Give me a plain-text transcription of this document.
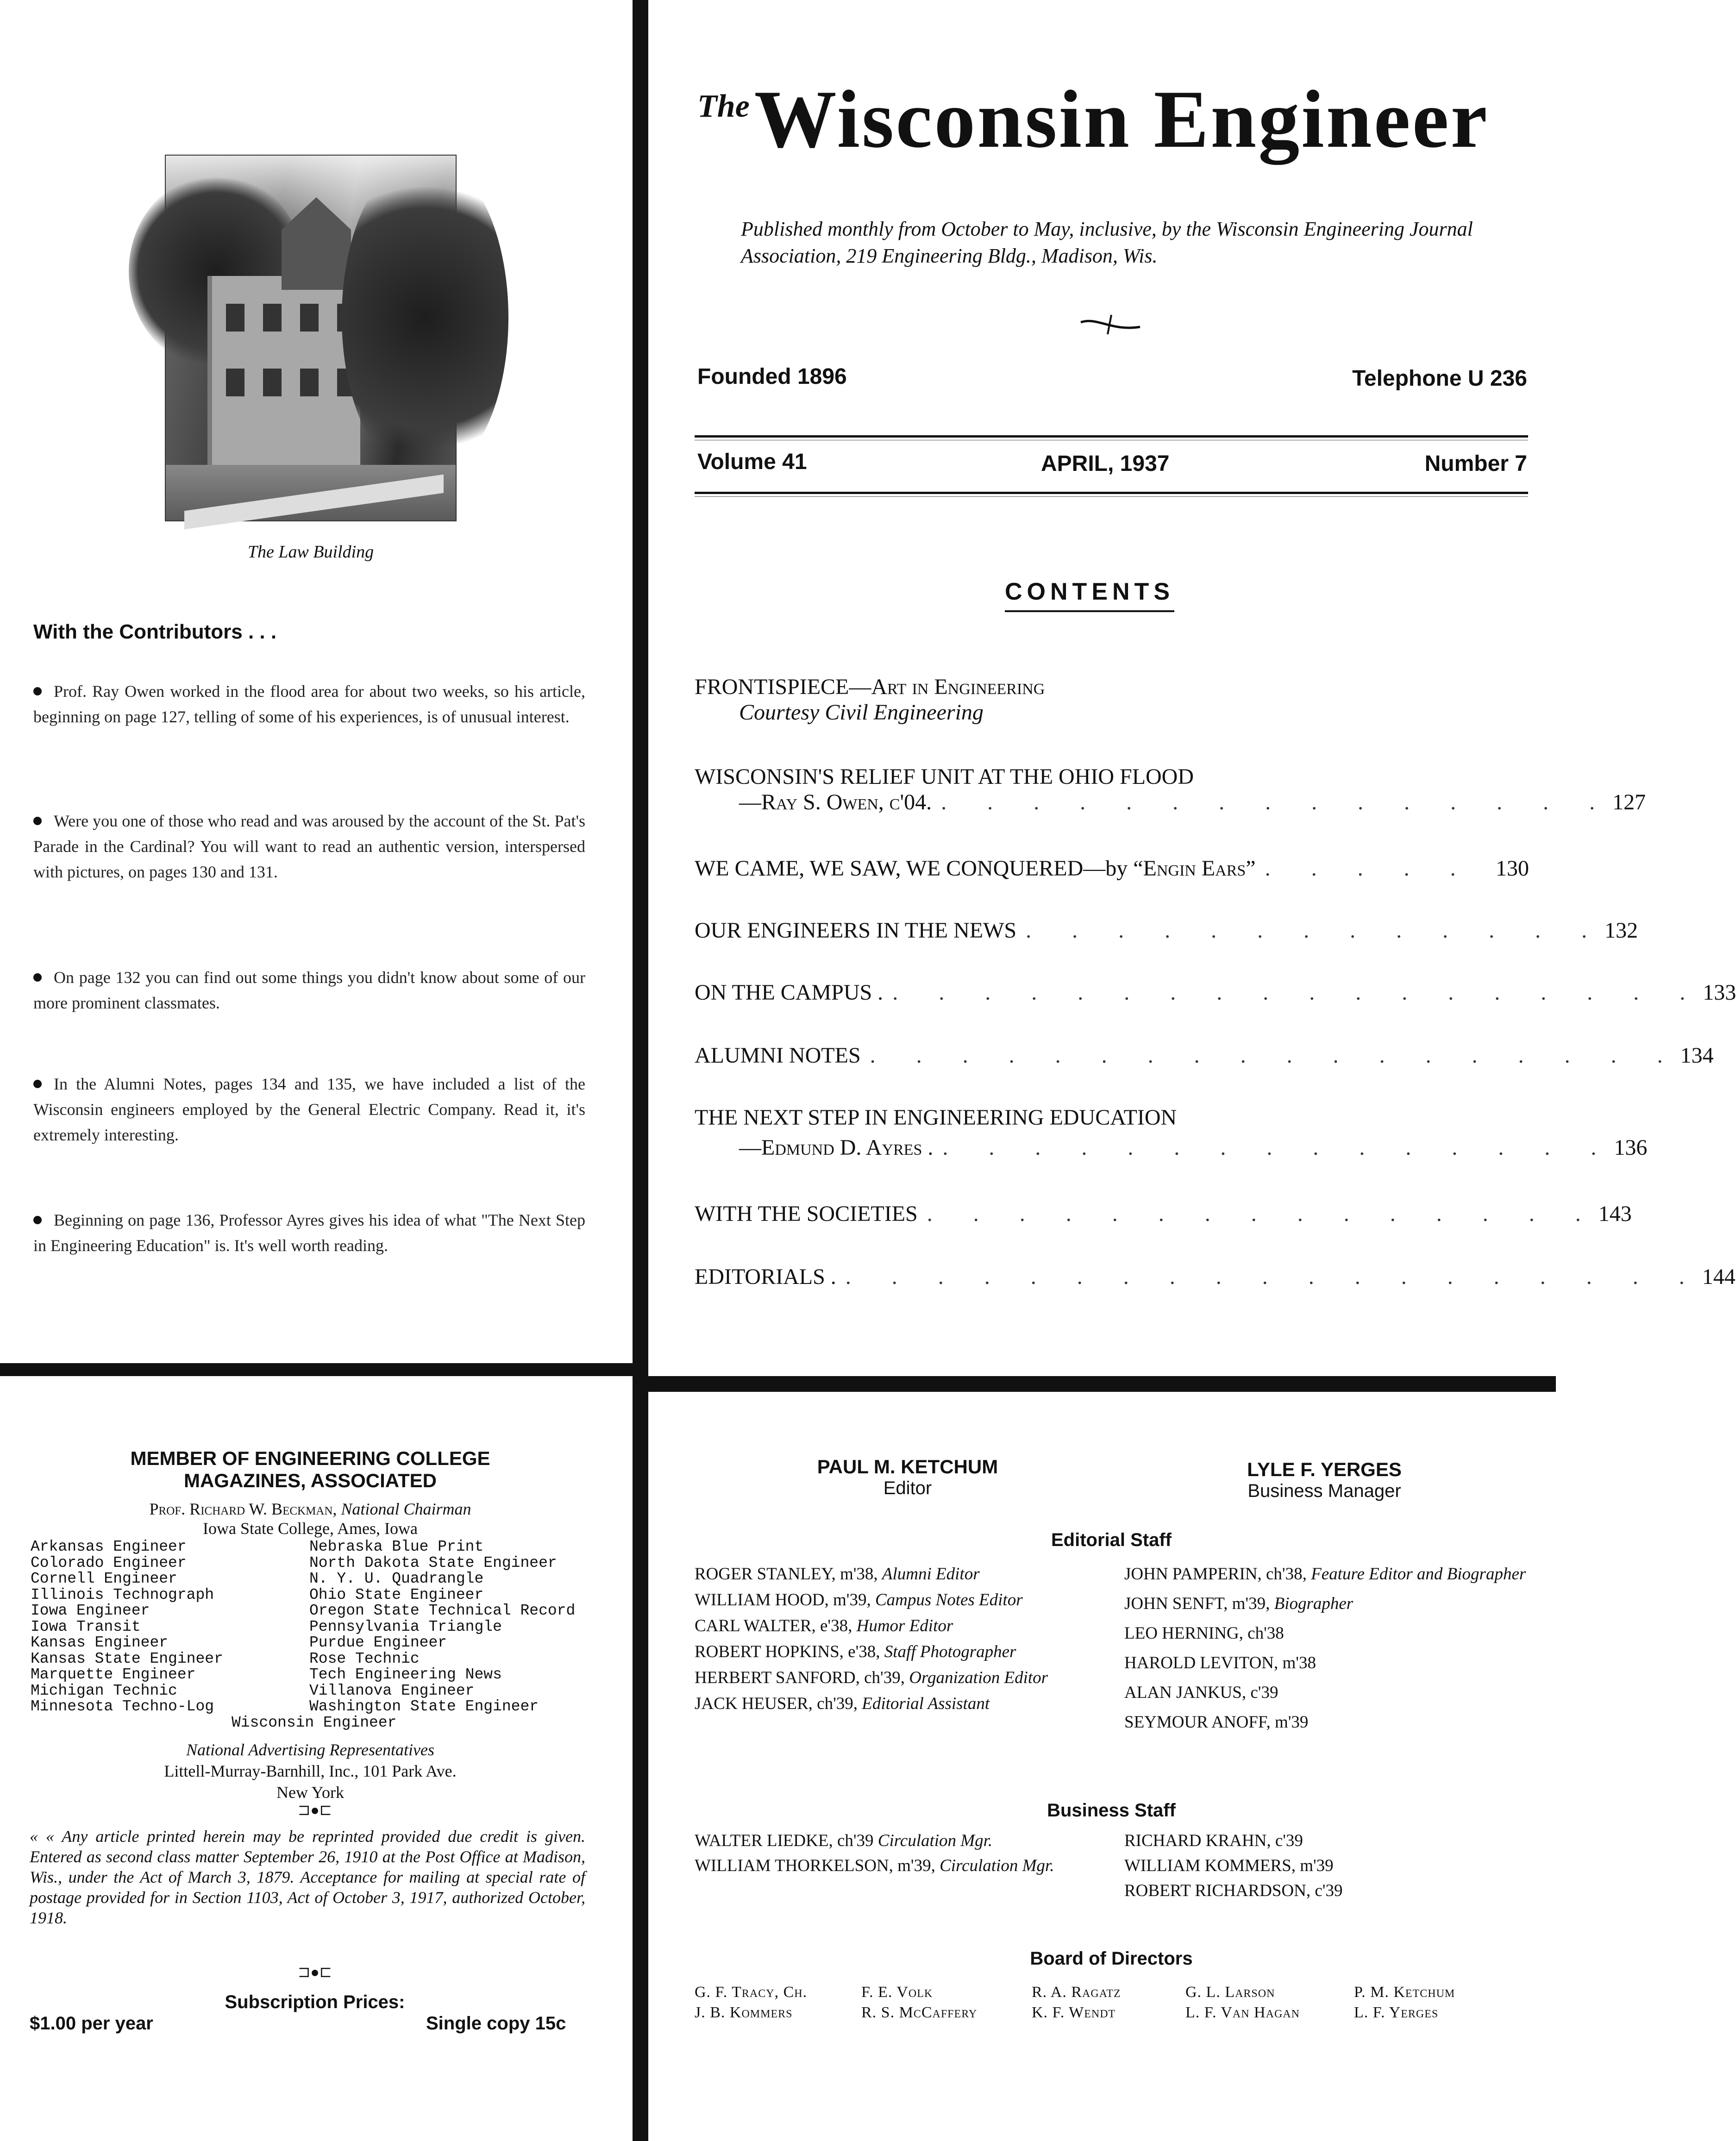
The Law Building
With the Contributors . . .
Prof. Ray Owen worked in the flood area for about two weeks, so his article, beginning on page 127, telling of some of his experiences, is of unusual interest.
Were you one of those who read and was aroused by the account of the St. Pat's Parade in the Cardinal? You will want to read an authentic version, interspersed with pictures, on pages 130 and 131.
On page 132 you can find out some things you didn't know about some of our more prominent classmates.
In the Alumni Notes, pages 134 and 135, we have included a list of the Wisconsin engineers employed by the General Electric Company. Read it, it's extremely interesting.
Beginning on page 136, Professor Ayres gives his idea of what "The Next Step in Engineering Education" is. It's well worth reading.
TheWisconsin Engineer
Published monthly from October to May, inclusive, by the Wisconsin Engineering Journal Association, 219 Engineering Bldg., Madison, Wis.
Founded 1896	Telephone U 236
Volume 41	APRIL, 1937	Number 7
CONTENTS
FRONTISPIECE—Art in Engineering
Courtesy Civil Engineering
WISCONSIN'S RELIEF UNIT AT THE OHIO FLOOD
—Ray S. Owen, c'04. . . . . . . . . . . . . . . . 127
WE CAME, WE SAW, WE CONQUERED—by “Engin Ears” . . . . .	130
OUR ENGINEERS IN THE NEWS . . . . . . . . . . . . . 132
ON THE CAMPUS . . . . . . . . . . . . . . . . . . . 133
ALUMNI NOTES . . . . . . . . . . . . . . . . . . 134
THE NEXT STEP IN ENGINEERING EDUCATION
—Edmund D. Ayres . . . . . . . . . . . . . . . . 136
WITH THE SOCIETIES . . . . . . . . . . . . . . . 143
EDITORIALS . . . . . . . . . . . . . . . . . . . . 144
MEMBER OF ENGINEERING COLLEGE
MAGAZINES, ASSOCIATED
Prof. Richard W. Beckman, National Chairman
Iowa State College, Ames, Iowa
Arkansas Engineer
Colorado Engineer
Cornell Engineer
Illinois Technograph
Iowa Engineer
Iowa Transit
Kansas Engineer
Kansas State Engineer
Marquette Engineer
Michigan Technic
Minnesota Techno-Log
Nebraska Blue Print
North Dakota State Engineer
N. Y. U. Quadrangle
Ohio State Engineer
Oregon State Technical Record
Pennsylvania Triangle
Purdue Engineer
Rose Technic
Tech Engineering News
Villanova Engineer
Washington State Engineer
Wisconsin Engineer
National Advertising Representatives
Littell-Murray-Barnhill, Inc., 101 Park Ave.
New York
⊐●⊏
« « Any article printed herein may be reprinted provided due credit is given. Entered as second class matter September 26, 1910 at the Post Office at Madison, Wis., under the Act of March 3, 1879. Acceptance for mailing at special rate of postage provided for in Section 1103, Act of October 3, 1917, authorized October, 1918.
⊐●⊏
Subscription Prices:
$1.00 per year	Single copy 15c
PAUL M. KETCHUM
Editor
LYLE F. YERGES
Business Manager
Editorial Staff
ROGER STANLEY, m'38, Alumni Editor
WILLIAM HOOD, m'39, Campus Notes Editor
CARL WALTER, e'38, Humor Editor
ROBERT HOPKINS, e'38, Staff Photographer
HERBERT SANFORD, ch'39, Organization Editor
JACK HEUSER, ch'39, Editorial Assistant
JOHN PAMPERIN, ch'38, Feature Editor and Biographer
JOHN SENFT, m'39, Biographer
LEO HERNING, ch'38
HAROLD LEVITON, m'38
ALAN JANKUS, c'39
SEYMOUR ANOFF, m'39
Business Staff
WALTER LIEDKE, ch'39 Circulation Mgr.
WILLIAM THORKELSON, m'39, Circulation Mgr.
RICHARD KRAHN, c'39
WILLIAM KOMMERS, m'39
ROBERT RICHARDSON, c'39
Board of Directors
G. F. Tracy, Ch.	F. E. Volk	R. A. Ragatz	G. L. Larson	P. M. Ketchum
J. B. Kommers	R. S. McCaffery	K. F. Wendt	L. F. Van Hagan	L. F. Yerges
